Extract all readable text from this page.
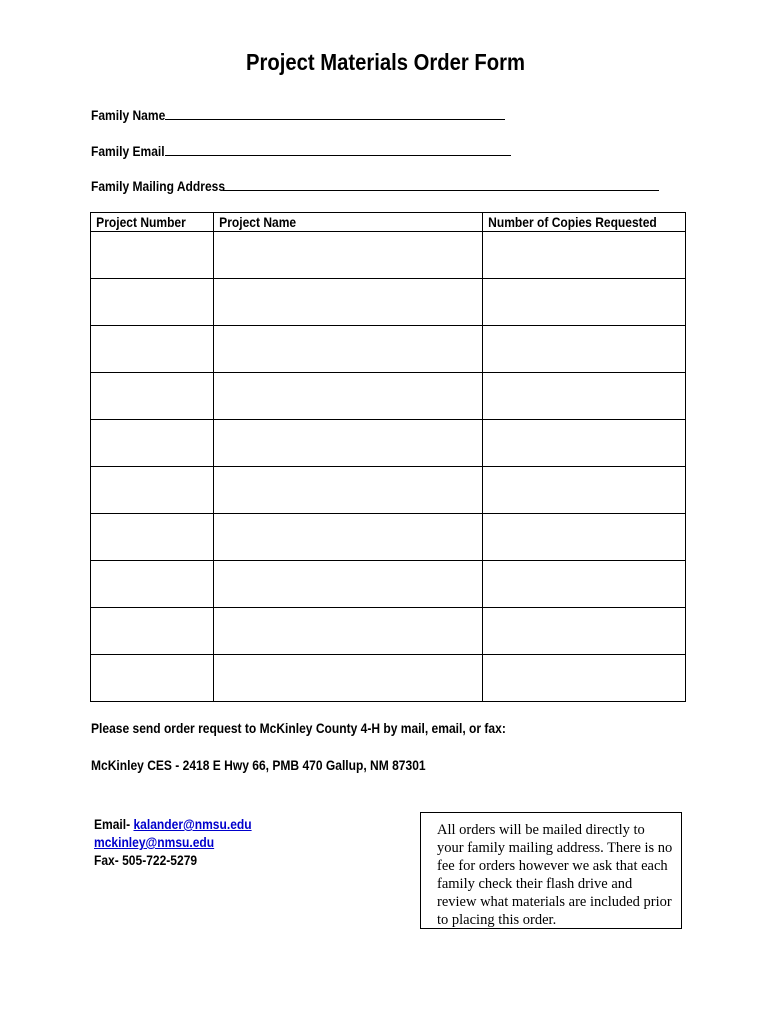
Project Materials Order Form
Family Name
Family Email
Family Mailing Address
Project Number	Project Name	Number of Copies Requested

Please send order request to McKinley County 4-H by mail, email, or fax:
McKinley CES - 2418 E Hwy 66, PMB 470 Gallup, NM 87301
Email- kalander@nmsu.edu
mckinley@nmsu.edu
Fax- 505-722-5279
All orders will be mailed directly to your family mailing address. There is no fee for orders however we ask that each family check their flash drive and review what materials are included prior to placing this order.
